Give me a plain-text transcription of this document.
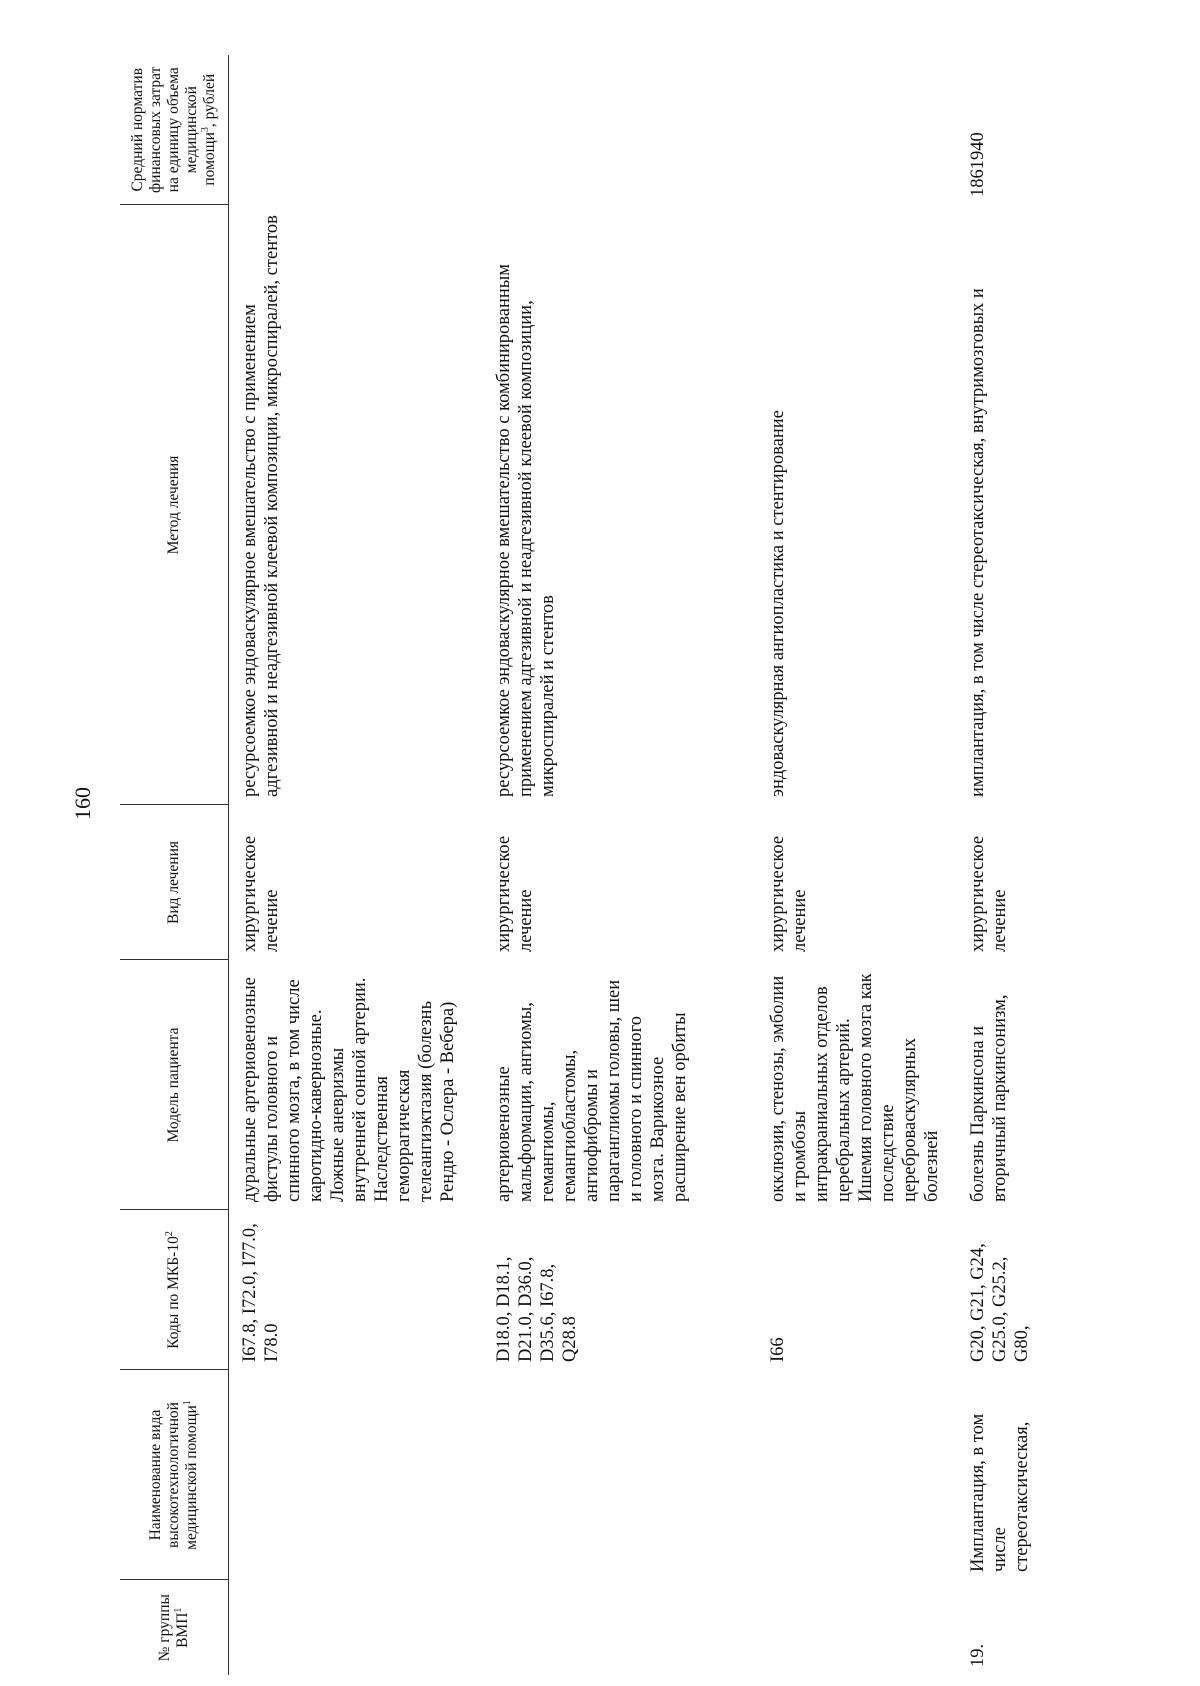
160
№ группы ВМП$^1$	Наименование вида высокотехнологичной медицинской помощи$^1$	Коды по МКБ-$10^2$	Модель пациента	Вид лечения	Метод лечения	Средний норматив финансовых затрат на единицу объема медицинской помощи$^3$, рублей
		I67.8, I72.0, I77.0, I78.0	дуральные артериовенозные фистулы головного и спинного мозга, в том числе каротидно-кавернозные. Ложные аневризмы внутренней сонной артерии. Наследственная геморрагическая телеангиэктазия (болезнь Рендю - Ослера - Вебера)	хирургическое лечение	ресурсоемкое эндоваскулярное вмешательство с применением адгезивной и неадгезивной клеевой композиции, микроспиралей, стентов	
		D18.0, D18.1, D21.0, D36.0, D35.6, I67.8, Q28.8	артериовенозные мальформации, ангиомы, гемангиомы, гемангиобластомы, ангиофибромы и параганглиомы головы, шеи и головного и спинного мозга. Варикозное расширение вен орбиты	хирургическое лечение	ресурсоемкое эндоваскулярное вмешательство с комбинированным применением адгезивной и неадгезивной клеевой композиции, микроспиралей и стентов	
		I66	окклюзии, стенозы, эмболии и тромбозы интракраниальных отделов церебральных артерий. Ишемия головного мозга как последствие цереброваскулярных болезней	хирургическое лечение	эндоваскулярная ангиопластика и стентирование	
19.	Имплантация, в том числе стереотаксическая,	G20, G21, G24, G25.0, G25.2, G80,	болезнь Паркинсона и вторичный паркинсонизм,	хирургическое лечение	имплантация, в том числе стереотаксическая, внутримозговых и	1861940
